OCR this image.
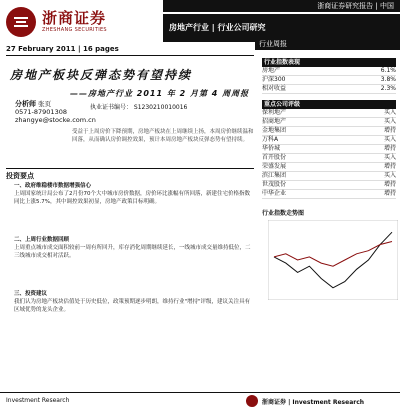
浙商证券
ZHESHANG SECURITIES
浙商证券研究报告 | 中国
房地产行业 | 行业公司研究
行业周报
27 February 2011 | 16 pages
房地产板块反弹态势有望持续
——房地产行业 2011 年 2 月第 4 周周报
分析师 张页
0571-87901308
zhangye@stocke.com.cn
执业证书编号： S1230210010016
受益于上周房价下降预期，房地产板块在上周继续上扬，本周房价继续温和回落，从而确认房价调控效果，预计本周房地产板块反弹态势有望持续。
投资要点
一、政府维稳楼市数据增强信心
上周国家统计局公布了2月份70个大中城市房价数据，房价环比涨幅有所回落，新建住宅价格指数同比上涨5.7%，其中调控效果初显，房地产政策目标明确。
二、上周行业数据回顾
上周重点城市成交面积较前一周有所回升，库存消化周期继续延长，一线城市成交量维持低位，二三线城市成交相对活跃。
三、投资建议
我们认为房地产板块估值处于历史低位，政策预期逐步明朗，维持行业"增持"评级，建议关注具有区域优势的龙头企业。
行业指数表现
房地产	6.1%
沪深300	3.8%
相对收益	2.3%
重点公司评级
保利地产	买入
招商地产	买入
金地集团	增持
万科A	买入
华侨城	增持
首开股份	买入
荣盛发展	增持
滨江集团	买入
世茂股份	增持
中华企业	增持
行业指数走势图
Investment Research	浙商证券 | Investment Research
